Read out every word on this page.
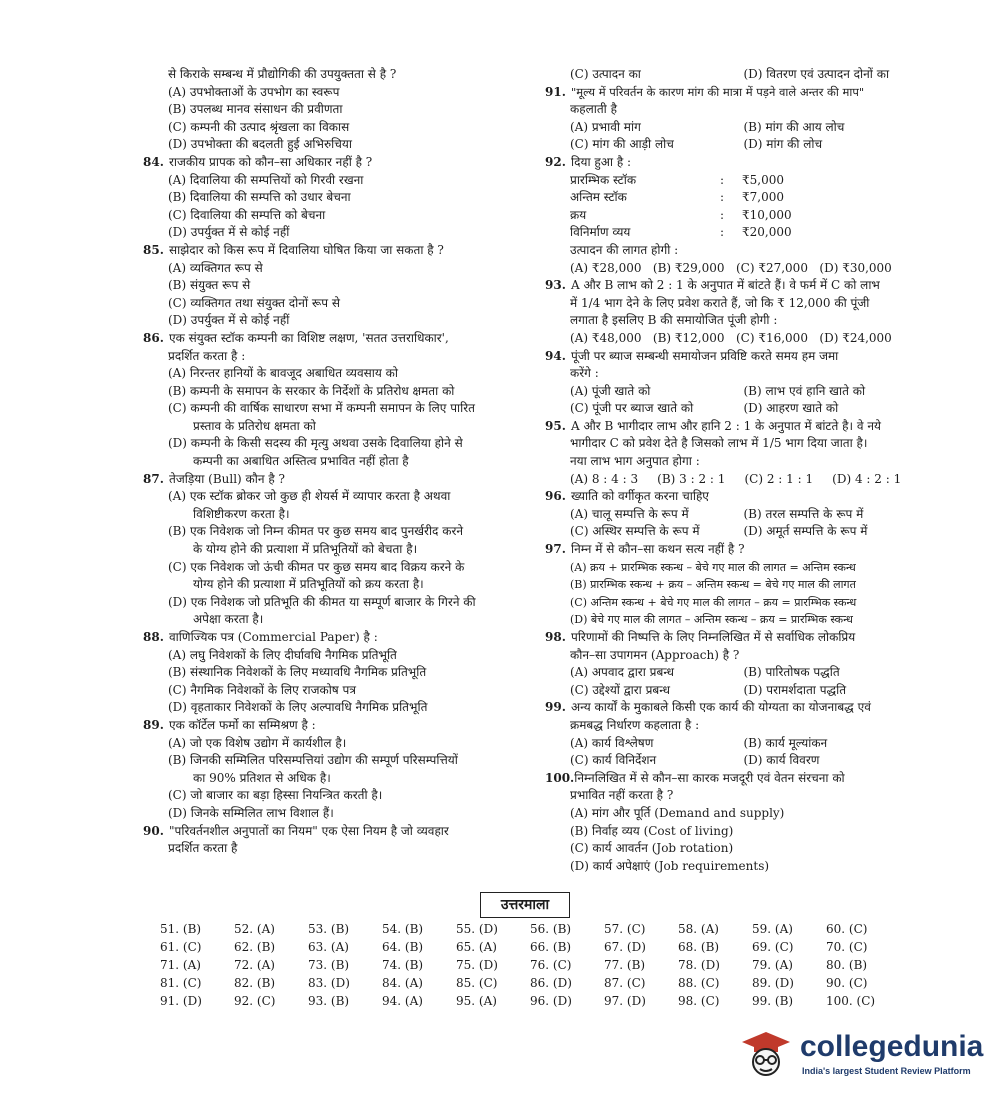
से किराके सम्बन्ध में प्रौद्योगिकी की उपयुक्तता से है ?
(A) उपभोक्ताओं के उपभोग का स्वरूप
(B) उपलब्ध मानव संसाधन की प्रवीणता
(C) कम्पनी की उत्पाद श्रृंखला का विकास
(D) उपभोक्ता की बदलती हुई अभिरुचिया
84. राजकीय प्रापक को कौन–सा अधिकार नहीं है ?
(A) दिवालिया की सम्पत्तियों को गिरवी रखना
(B) दिवालिया की सम्पत्ति को उधार बेचना
(C) दिवालिया की सम्पत्ति को बेचना
(D) उपर्युक्त में से कोई नहीं
85. साझेदार को किस रूप में दिवालिया घोषित किया जा सकता है ?
(A) व्यक्तिगत रूप से
(B) संयुक्त रूप से
(C) व्यक्तिगत तथा संयुक्त दोनों रूप से
(D) उपर्युक्त में से कोई नहीं
86. एक संयुक्त स्टॉक कम्पनी का विशिष्ट लक्षण, 'सतत उत्तराधिकार',
प्रदर्शित करता है :
(A) निरन्तर हानियों के बावजूद अबाधित व्यवसाय को
(B) कम्पनी के समापन के सरकार के निर्देशों के प्रतिरोध क्षमता को
(C) कम्पनी की वार्षिक साधारण सभा में कम्पनी समापन के लिए पारित
प्रस्ताव के प्रतिरोध क्षमता को
(D) कम्पनी के किसी सदस्य की मृत्यु अथवा उसके दिवालिया होने से
कम्पनी का अबाधित अस्तित्व प्रभावित नहीं होता है
87. तेजड़िया (Bull) कौन है ?
(A) एक स्टॉक ब्रोकर जो कुछ ही शेयर्स में व्यापार करता है अथवा
विशिष्टीकरण करता है।
(B) एक निवेशक जो निम्न कीमत पर कुछ समय बाद पुनर्खरीद करने
के योग्य होने की प्रत्याशा में प्रतिभूतियों को बेचता है।
(C) एक निवेशक जो ऊंची कीमत पर कुछ समय बाद विक्रय करने के
योग्य होने की प्रत्याशा में प्रतिभूतियों को क्रय करता है।
(D) एक निवेशक जो प्रतिभूति की कीमत या सम्पूर्ण बाजार के गिरने की
अपेक्षा करता है।
88. वाणिज्यिक पत्र (Commercial Paper) है :
(A) लघु निवेशकों के लिए दीर्घावधि नैगमिक प्रतिभूति
(B) संस्थानिक निवेशकों के लिए मध्यावधि नैगमिक प्रतिभूति
(C) नैगमिक निवेशकों के लिए राजकोष पत्र
(D) वृहताकार निवेशकों के लिए अल्पावधि नैगमिक प्रतिभूति
89. एक कॉर्टेल फर्मो का सम्मिश्रण है :
(A) जो एक विशेष उद्योग में कार्यशील है।
(B) जिनकी सम्मिलित परिसम्पत्तियां उद्योग की सम्पूर्ण परिसम्पत्तियों
का 90% प्रतिशत से अधिक है।
(C) जो बाजार का बड़ा हिस्सा नियन्त्रित करती है।
(D) जिनके सम्मिलित लाभ विशाल हैं।
90. "परिवर्तनशील अनुपातों का नियम" एक ऐसा नियम है जो व्यवहार
प्रदर्शित करता है
(C) उत्पादन का	(D) वितरण एवं उत्पादन दोनों का
91. "मूल्य में परिवर्तन के कारण मांग की मात्रा में पड़ने वाले अन्तर की माप"
कहलाती है
(A) प्रभावी मांग	(B) मांग की आय लोच
(C) मांग की आड़ी लोच	(D) मांग की लोच
92. दिया हुआ है :
प्रारम्भिक स्टॉक	:	₹5,000
अन्तिम स्टॉक	:	₹7,000
क्रय	:	₹10,000
विनिर्माण व्यय	:	₹20,000
उत्पादन की लागत होगी :
(A) ₹28,000   (B) ₹29,000   (C) ₹27,000   (D) ₹30,000
93. A और B लाभ को 2 : 1 के अनुपात में बांटते हैं। वे फर्म में C को लाभ
में 1/4 भाग देने के लिए प्रवेश कराते हैं, जो कि ₹ 12,000 की पूंजी
लगाता है इसलिए B की समायोजित पूंजी होगी :
(A) ₹48,000   (B) ₹12,000   (C) ₹16,000   (D) ₹24,000
94. पूंजी पर ब्याज सम्बन्धी समायोजन प्रविष्टि करते समय हम जमा
करेंगे :
(A) पूंजी खाते को	(B) लाभ एवं हानि खाते को
(C) पूंजी पर ब्याज खाते को	(D) आहरण खाते को
95. A और B भागीदार लाभ और हानि 2 : 1 के अनुपात में बांटते है। वे नये
भागीदार C को प्रवेश देते है जिसको लाभ में 1/5 भाग दिया जाता है।
नया लाभ भाग अनुपात होगा :
(A) 8 : 4 : 3     (B) 3 : 2 : 1     (C) 2 : 1 : 1     (D) 4 : 2 : 1
96. ख्याति को वर्गीकृत करना चाहिए
(A) चालू सम्पत्ति के रूप में	(B) तरल सम्पत्ति के रूप में
(C) अस्थिर सम्पत्ति के रूप में	(D) अमूर्त सम्पत्ति के रूप में
97. निम्न में से कौन–सा कथन सत्य नहीं है ?
(A) क्रय + प्रारम्भिक स्कन्ध – बेचे गए माल की लागत = अन्तिम स्कन्ध
(B) प्रारम्भिक स्कन्ध + क्रय – अन्तिम स्कन्ध = बेचे गए माल की लागत
(C) अन्तिम स्कन्ध + बेचे गए माल की लागत – क्रय = प्रारम्भिक स्कन्ध
(D) बेचे गए माल की लागत – अन्तिम स्कन्ध – क्रय = प्रारम्भिक स्कन्ध
98. परिणामों की निष्पत्ति के लिए निम्नलिखित में से सर्वाधिक लोकप्रिय
कौन–सा उपागमन (Approach) है ?
(A) अपवाद द्वारा प्रबन्ध	(B) पारितोषक पद्धति
(C) उद्देश्यों द्वारा प्रबन्ध	(D) परामर्शदाता पद्धति
99. अन्य कार्यों के मुकाबले किसी एक कार्य की योग्यता का योजनाबद्ध एवं
क्रमबद्ध निर्धारण कहलाता है :
(A) कार्य विश्लेषण	(B) कार्य मूल्यांकन
(C) कार्य विनिर्देशन	(D) कार्य विवरण
100.निम्नलिखित में से कौन–सा कारक मजदूरी एवं वेतन संरचना को
प्रभावित नहीं करता है ?
(A) मांग और पूर्ति (Demand and supply)
(B) निर्वाह व्यय (Cost of living)
(C) कार्य आवर्तन (Job rotation)
(D) कार्य अपेक्षाएं (Job requirements)
उत्तरमाला
51. (B)	52. (A)	53. (B)	54. (B)	55. (D)	56. (B)	57. (C)	58. (A)	59. (A)	60. (C)
61. (C)	62. (B)	63. (A)	64. (B)	65. (A)	66. (B)	67. (D)	68. (B)	69. (C)	70. (C)
71. (A)	72. (A)	73. (B)	74. (B)	75. (D)	76. (C)	77. (B)	78. (D)	79. (A)	80. (B)
81. (C)	82. (B)	83. (D)	84. (A)	85. (C)	86. (D)	87. (C)	88. (C)	89. (D)	90. (C)
91. (D)	92. (C)	93. (B)	94. (A)	95. (A)	96. (D)	97. (D)	98. (C)	99. (B)	100. (C)
collegedunia
India's largest Student Review Platform
